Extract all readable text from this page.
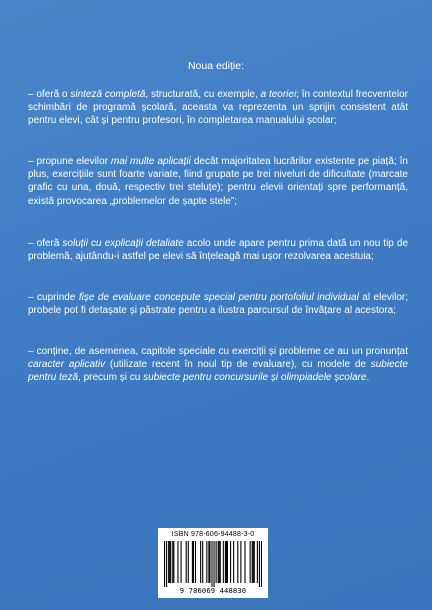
Noua ediție:
– oferă o sinteză completă, structurată, cu exemple, a teoriei; în contextul frecventelor schimbări de programă școlară, aceasta va reprezenta un sprijin consistent atât pentru elevi, cât și pentru profesori, în completarea manualului școlar;
– propune elevilor mai multe aplicații decât majoritatea lucrărilor existente pe piață; în plus, exercițiile sunt foarte variate, fiind grupate pe trei niveluri de dificultate (marcate grafic cu una, două, respectiv trei steluțe); pentru elevii orientați spre performanță, există provocarea „problemelor de șapte stele”;
– oferă soluții cu explicații detaliate acolo unde apare pentru prima dată un nou tip de problemă, ajutându-i astfel pe elevi să înțeleagă mai ușor rezolvarea acestuia;
– cuprinde fișe de evaluare concepute special pentru portofoliul individual al elevilor; probele pot fi detașate și păstrate pentru a ilustra parcursul de învățare al acestora;
– conține, de asemenea, capitole speciale cu exerciții și probleme ce au un pronunțat caracter aplicativ (utilizate recent în noul tip de evaluare), cu modele de subiecte pentru teză, precum și cu subiecte pentru concursurile și olimpiadele școlare.
ISBN 978-606-94488-3-0
9 786069 448830
